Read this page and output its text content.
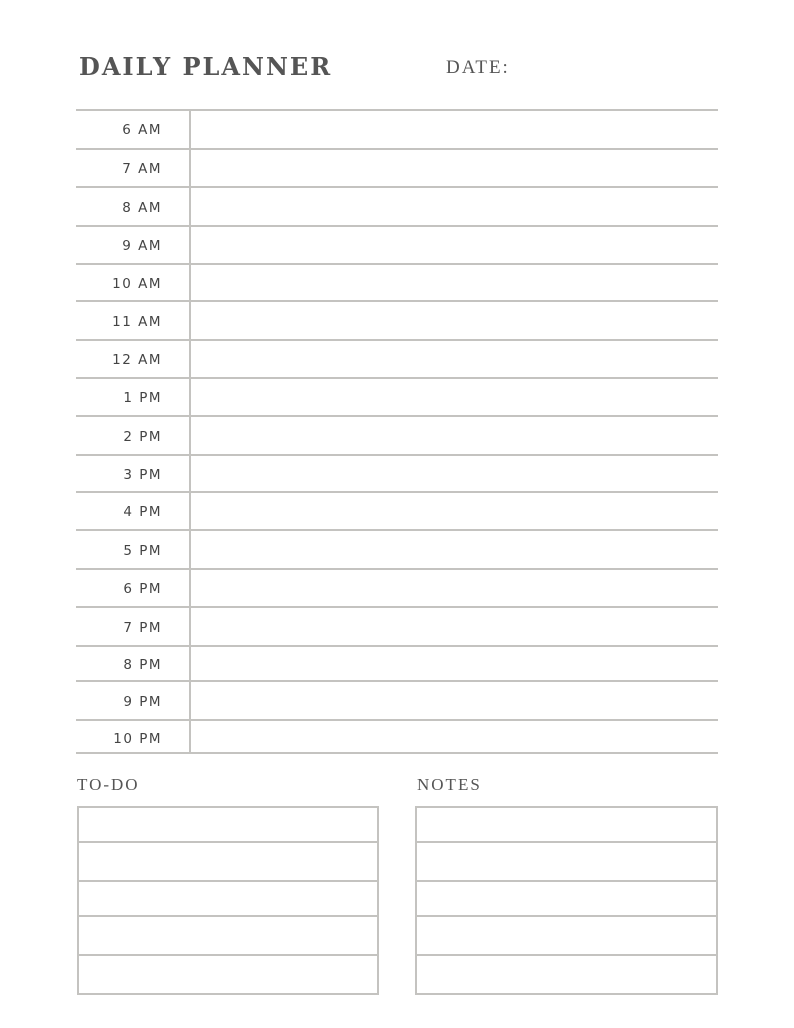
DAILY PLANNER	DATE:
6 AM
7 AM
8 AM
9 AM
10 AM
11 AM
12 AM
1 PM
2 PM
3 PM
4 PM
5 PM
6 PM
7 PM
8 PM
9 PM
10 PM
TO-DO	NOTES
